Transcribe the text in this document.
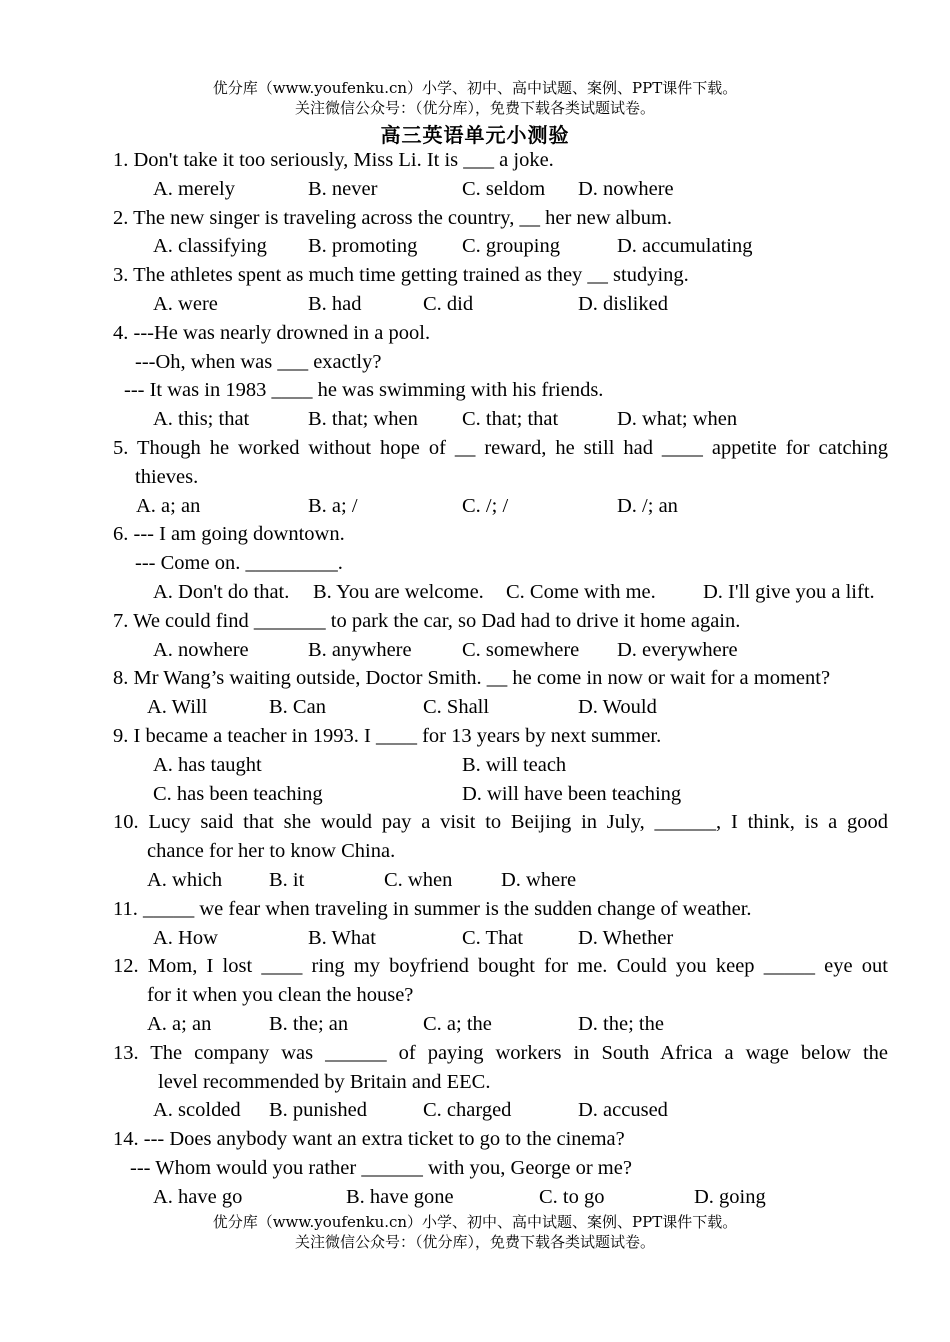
优分库（www.youfenku.cn）小学、初中、高中试题、案例、PPT课件下载。
关注微信公众号：（优分库），免费下载各类试题试卷。
高三英语单元小测验
1. Don't take it too seriously, Miss Li. It is ___ a joke.
A. merely	B. never	C. seldom D. nowhere
2. The new singer is traveling across the country, __ her new album.
A. classifying B. promoting C. grouping	D. accumulating
3. The athletes spent as much time getting trained as they __ studying.
A. were	B. had	C. did	D. disliked
4. ---He was nearly drowned in a pool.
---Oh, when was ___ exactly?
--- It was in 1983 ____ he was swimming with his friends.
A. this; that	B. that; when C. that; that	D. what; when
5. Though he worked without hope of __ reward, he still had ____ appetite for catching
thieves.
A. a; an	B. a; /	C. /; /	D. /; an
6. --- I am going downtown.
--- Come on. _________.
A. Don't do that. B. You are welcome. C. Come with me. D. I'll give you a lift.
7. We could find _______ to park the car, so Dad had to drive it home again.
A. nowhere	B. anywhere C. somewhere D. everywhere
8. Mr Wang’s waiting outside, Doctor Smith. __ he come in now or wait for a moment?
A. Will	B. Can	C. Shall	D. Would
9. I became a teacher in 1993. I ____ for 13 years by next summer.
A. has taught	B. will teach
C. has been teaching	D. will have been teaching
10. Lucy said that she would pay a visit to Beijing in July, ______, I think, is a good
chance for her to know China.
A. which B. it	C. when D. where
11. _____ we fear when traveling in summer is the sudden change of weather.
A. How	B. What	C. That	D. Whether
12. Mom, I lost ____ ring my boyfriend bought for me. Could you keep _____ eye out
for it when you clean the house?
A. a; an	B. the; an	C. a; the	D. the; the
13. The company was ______ of paying workers in South Africa a wage below the
level recommended by Britain and EEC.
A. scolded B. punished	C. charged	D. accused
14. --- Does anybody want an extra ticket to go to the cinema?
--- Whom would you rather ______ with you, George or me?
A. have go	B. have gone	C. to go	D. going
优分库（www.youfenku.cn）小学、初中、高中试题、案例、PPT课件下载。
关注微信公众号：（优分库），免费下载各类试题试卷。
